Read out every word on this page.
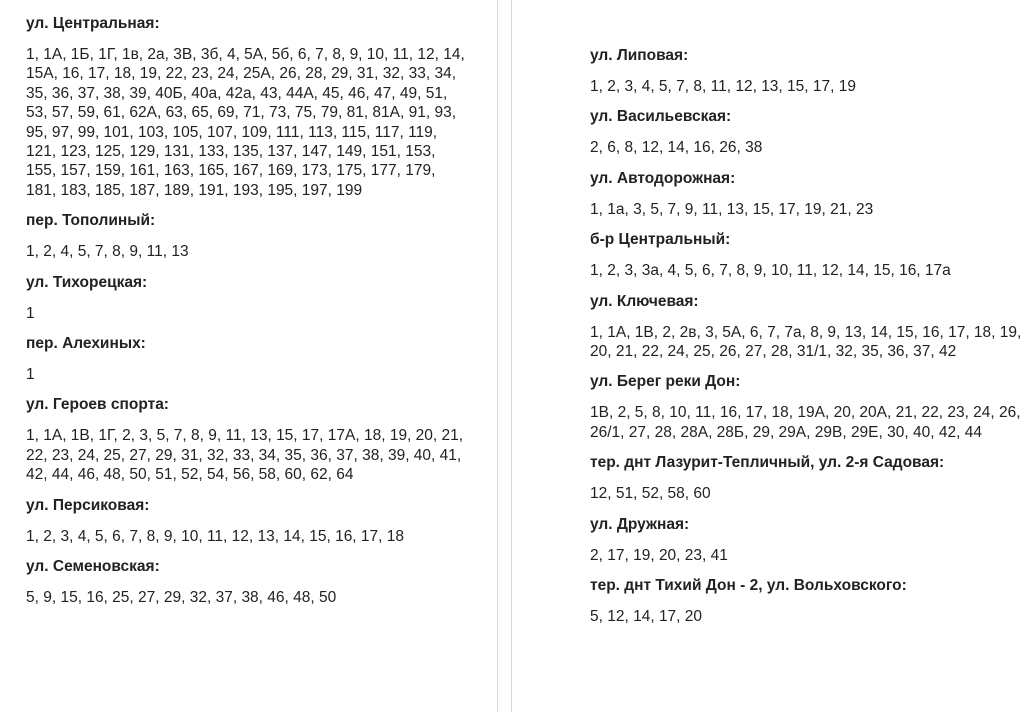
ул. Центральная:
1, 1А, 1Б, 1Г, 1в, 2а, 3В, 3б, 4, 5А, 5б, 6, 7, 8, 9, 10, 11, 12, 14, 15А, 16, 17, 18, 19, 22, 23, 24, 25А, 26, 28, 29, 31, 32, 33, 34, 35, 36, 37, 38, 39, 40Б, 40а, 42а, 43, 44А, 45, 46, 47, 49, 51, 53, 57, 59, 61, 62А, 63, 65, 69, 71, 73, 75, 79, 81, 81А, 91, 93, 95, 97, 99, 101, 103, 105, 107, 109, 111, 113, 115, 117, 119, 121, 123, 125, 129, 131, 133, 135, 137, 147, 149, 151, 153, 155, 157, 159, 161, 163, 165, 167, 169, 173, 175, 177, 179, 181, 183, 185, 187, 189, 191, 193, 195, 197, 199
пер. Тополиный:
1, 2, 4, 5, 7, 8, 9, 11, 13
ул. Тихорецкая:
1
пер. Алехиных:
1
ул. Героев спорта:
1, 1А, 1В, 1Г, 2, 3, 5, 7, 8, 9, 11, 13, 15, 17, 17А, 18, 19, 20, 21, 22, 23, 24, 25, 27, 29, 31, 32, 33, 34, 35, 36, 37, 38, 39, 40, 41, 42, 44, 46, 48, 50, 51, 52, 54, 56, 58, 60, 62, 64
ул. Персиковая:
1, 2, 3, 4, 5, 6, 7, 8, 9, 10, 11, 12, 13, 14, 15, 16, 17, 18
ул. Семеновская:
5, 9, 15, 16, 25, 27, 29, 32, 37, 38, 46, 48, 50
ул. Липовая:
1, 2, 3, 4, 5, 7, 8, 11, 12, 13, 15, 17, 19
ул. Васильевская:
2, 6, 8, 12, 14, 16, 26, 38
ул. Автодорожная:
1, 1а, 3, 5, 7, 9, 11, 13, 15, 17, 19, 21, 23
б-р Центральный:
1, 2, 3, 3а, 4, 5, 6, 7, 8, 9, 10, 11, 12, 14, 15, 16, 17а
ул. Ключевая:
1, 1А, 1В, 2, 2в, 3, 5А, 6, 7, 7а, 8, 9, 13, 14, 15, 16, 17, 18, 19, 20, 21, 22, 24, 25, 26, 27, 28, 31/1, 32, 35, 36, 37, 42
ул. Берег реки Дон:
1В, 2, 5, 8, 10, 11, 16, 17, 18, 19А, 20, 20А, 21, 22, 23, 24, 26, 26/1, 27, 28, 28А, 28Б, 29, 29А, 29В, 29Е, 30, 40, 42, 44
тер. днт Лазурит-Тепличный, ул. 2-я Садовая:
12, 51, 52, 58, 60
ул. Дружная:
2, 17, 19, 20, 23, 41
тер. днт Тихий Дон - 2, ул. Вольховского:
5, 12, 14, 17, 20
